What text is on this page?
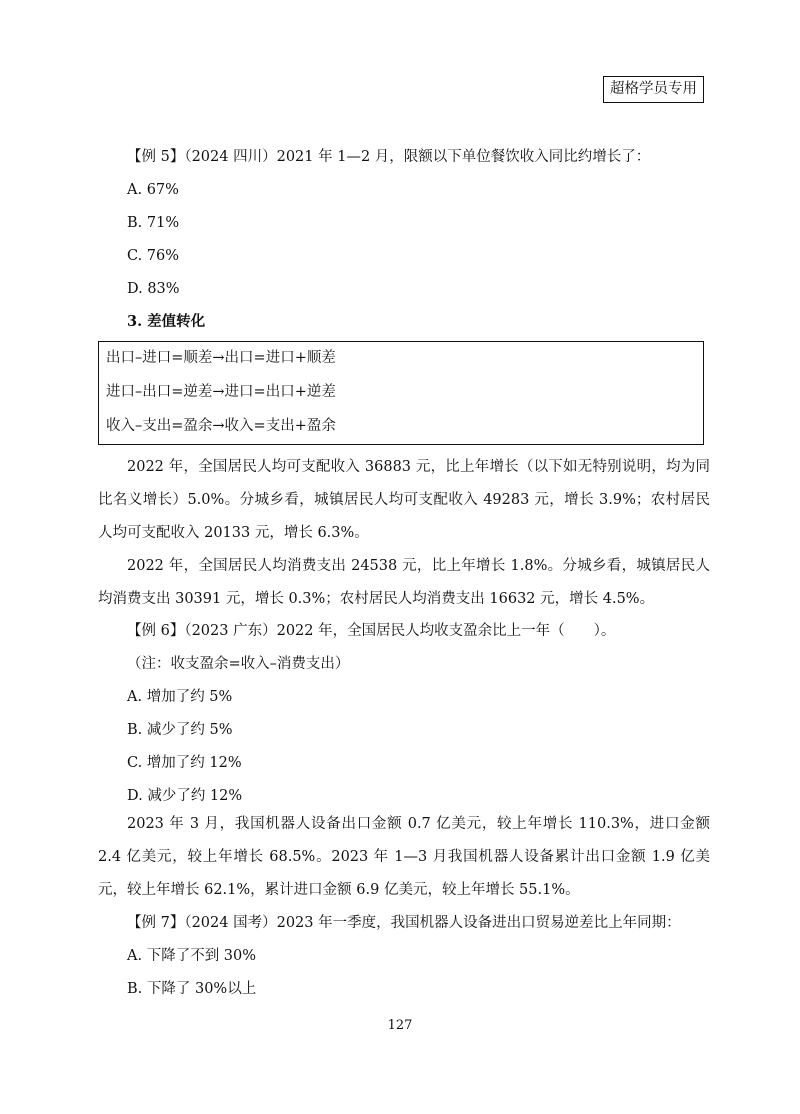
超格学员专用
【例 5】（2024 四川）2021 年 1—2 月，限额以下单位餐饮收入同比约增长了：
A. 67%
B. 71%
C. 76%
D. 83%
3. 差值转化
出口–进口=顺差→出口=进口+顺差
进口–出口=逆差→进口=出口+逆差
收入–支出=盈余→收入=支出+盈余
2022 年，全国居民人均可支配收入 36883 元，比上年增长（以下如无特别说明，均为同比名义增长）5.0%。分城乡看，城镇居民人均可支配收入 49283 元，增长 3.9%；农村居民人均可支配收入 20133 元，增长 6.3%。
2022 年，全国居民人均消费支出 24538 元，比上年增长 1.8%。分城乡看，城镇居民人均消费支出 30391 元，增长 0.3%；农村居民人均消费支出 16632 元，增长 4.5%。
【例 6】（2023 广东）2022 年，全国居民人均收支盈余比上一年（　　）。
（注：收支盈余=收入–消费支出）
A. 增加了约 5%
B. 减少了约 5%
C. 增加了约 12%
D. 减少了约 12%
2023 年 3 月，我国机器人设备出口金额 0.7 亿美元，较上年增长 110.3%，进口金额 2.4 亿美元，较上年增长 68.5%。2023 年 1—3 月我国机器人设备累计出口金额 1.9 亿美元，较上年增长 62.1%，累计进口金额 6.9 亿美元，较上年增长 55.1%。
【例 7】（2024 国考）2023 年一季度，我国机器人设备进出口贸易逆差比上年同期：
A. 下降了不到 30%
B. 下降了 30%以上
127
